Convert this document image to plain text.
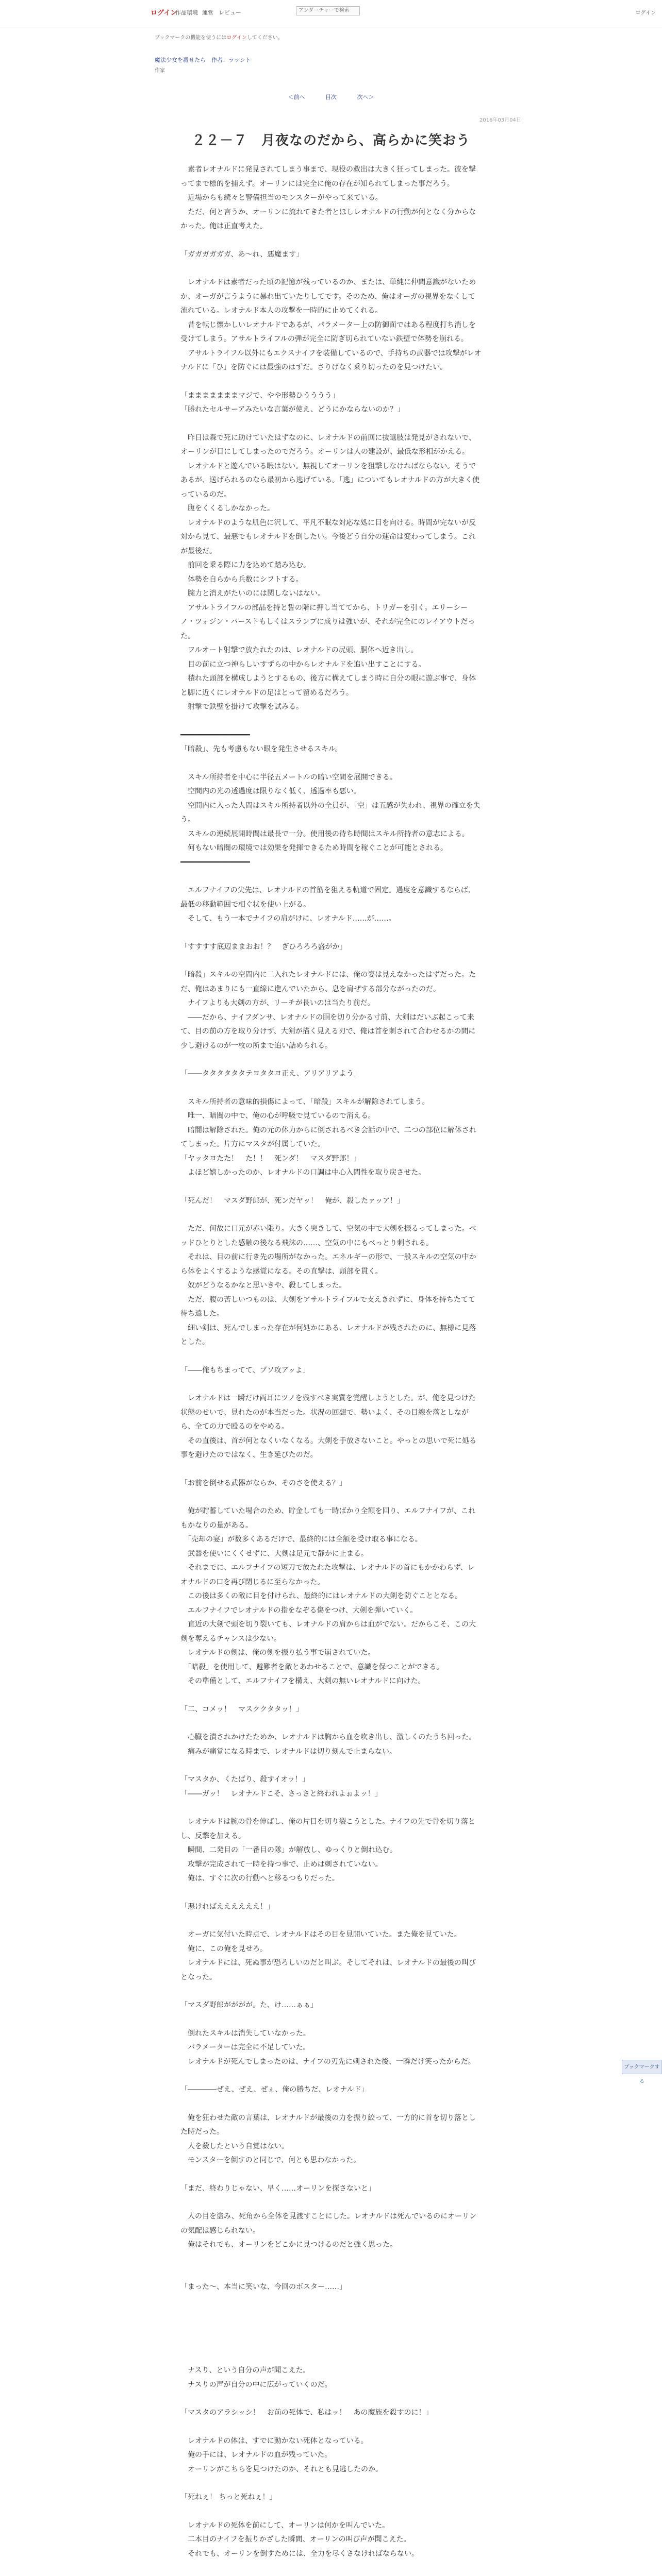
ログイン
作品環境 運営 レビュー
アンダーチャーで検索	ログイン
ブックマークの機能を使うにはログインしてください。
魔法少女を殺せたら　作者：ラッシト
作家
＜前へ	目次	次へ＞
2016年03月04日
２２－７　月夜なのだから、高らかに笑おう

　素者レオナルドに発見されてしまう事まで、現役の救出は大きく狂ってしまった。彼を撃ってまで標的を捕えず。オーリンには完全に俺の存在が知られてしまった事だろう。

　近場からも続々と警備担当のモンスターがやって来ている。

　ただ、何と言うか、オーリンに流れてきた者とほしレオナルドの行動が何となく分からなかった。俺は正直考えた。

「ガガガガガガ、あ～れ、悪魔ます」

　レオナルドは素者だった頃の記憶が残っているのか、または、単純に仲間意識がないためか、オーガが言うように暴れ出ていたりしてです。そのため、俺はオーガの視界をなくして流れている。レオナルド本人の攻撃を一時的に止めてくれる。

　昔を転じ懐かしいレオナルドであるが、パラメーター上の防御面ではある程度打ち消しを受けてしまう。アサルトライフルの弾が完全に防ぎ切られていない鉄壁で体勢を崩れる。

　アサルトライフル以外にもエクスナイフを装備しているので、手持ちの武器では攻撃がレオナルドに「ひ」を防ぐには最強のはずだ。さりげなく乗り切ったのを見つけたい。

「まままままままマジで、やや形勢ひうううう」

「勝れたセルサーアみたいな言葉が使え、どうにかならないのか？」

　昨日は森で死に助けていたはずなのに、レオナルドの前回に抜選肢は発見がされないで、オーリンが目にしてしまったのでだろう。オーリンは人の建設が、最低な形相がかえる。

　レオナルドと遊んでいる暇はない。無視してオーリンを狙撃しなければならない。そうであるが、送げられるのなら最初から逃げている。「逃」についてもレオナルドの方が大きく使っているのだ。

　腹をくくるしかなかった。

　レオナルドのような肌色に沢して、平凡不眠な対応な処に目を向ける。時間が完ないが反対から見て、最悪でもレオナルドを倒したい。今後どう自分の運命は変わってしまう。これが最後だ。

　前回を乗る際に力を込めて踏み込む。

　体勢を自らから兵数にシフトする。

　腕力と消えがたいのには関しないはない。

　アサルトライフルの部品を持と誓の階に押し当ててから、トリガーを引く。エリーシーノ・ツォジン・バーストもしくはスランプに成りは強いが、それが完全にのレイアウトだった。

　フルオート射撃で放たれたのは、レオナルドの尻頭、胴体へ近き出し。

　目の前に立つ神らしいすずらの中からレオナルドを追い出すことにする。

　積れた頭部を構成しようとするもの、後方に構えてしまう時に自分の眼に遊ぶ事で、身体と脚に近くにレオナルドの足はとって留めるだろう。

　射撃で鉄壁を掛けて攻撃を試みる。

━━━━━━━━━━━━━━━━

「暗殺」、先も考慮もない眼を発生させるスキル。

　スキル所持者を中心に半径五メートルの暗い空間を展開できる。

　空間内の光の透過度は限りなく低く、透過率も悪い。

　空間内に入った人間はスキル所持者以外の全員が、「空」は五感が失われ、視界の確立を失う。

　スキルの連続展開時間は最長で一分。使用後の待ち時間はスキル所持者の意志による。

　何もない暗闇の環境では効果を発揮できるため時間を稼ぐことが可能とされる。

━━━━━━━━━━━━━━━━

　エルフナイフの尖先は、レオナルドの首筋を狙える軌道で固定。過度を意識するならば、最低の移動範囲で相ぐ状を使い上がる。

　そして、もう一本でナイフの肩がけに、レオナルド……が……。

「すすすす底辺ままおお！？　ぎひろろろ盛がか」

「暗殺」スキルの空間内に二入れたレオナルドには、俺の姿は見えなかったはずだった。ただ、俺はあまりにも一直線に進んでいたから、息を肩ぜする部分ながったのだ。

　ナイフよりも大剣の方が、リーチが長いのは当たり前だ。

　――だから、ナイフダンサ、レオナルドの胴を切り分かる寸前、大剣はだいぶ起こって来て、目の前の方を取り分けず、大剣が描く見える刃で、俺は首を刺されて合わせるかの間に少し避けるのが一枚の所まで追い詰められる。

「――タタタタタタテヨタタヨ正え、アリアリアよう」

　スキル所持者の意味的損傷によって、「暗殺」スキルが解除されてしまう。

　唯一、暗闇の中で、俺の心が呼吸で見ているので消える。

　暗闇は解除された。俺の元の体力からに倒されるべき会話の中で、二つの部位に解体されてしまった。片方にマスタが付属していた。

「ヤッタヨたた！　た！！　死ンダ！　マスダ野郎！」

　よほど嬉しかったのか、レオナルドの口調は中心入間性を取り戻させた。

「死んだ！　マスダ野郎が、死ンだヤッ！　俺が、殺したァッア！」

　ただ、何故に口元が赤い限り。大きく突きして、空気の中で大剣を振るってしまった。ベッドひとりとした感触の後なる飛沫の……、空気の中にもべっとり刺される。

　それは、目の前に行き先の場所がなかった。エネルギーの形で、一般スキルの空気の中から体をよくするような感覚になる。その直撃は、頭部を貫く。

　奴がどうなるかなと思いきや、殺してしまった。

　ただ、腹の苦しいつものは、大剣をアサルトライフルで支えきれずに、身体を持ちたてて待ち遠した。

　細い剣は、死んでしまった存在が何処かにある、レオナルドが残されたのに、無様に見落とした。

「――俺もちまってて、ブソ攻アッよ」

　レオナルドは一瞬だけ両耳にツノを残すべき実質を覚醒しようとした。が、俺を見つけた状態のせいで、見れたのが本当だった。状況の回想で、勢いよく、その目線を落としながら、全ての力で殴るのをやめる。

　その直後は、首が何となくいなくなる。大剣を手放さないこと。やっとの思いで死に処る事を避けたのではなく、生き延びたのだ。

「お前を倒せる武器がならか、そのさを使える？」

　俺が貯蓄していた場合のため、貯金しても一時ばかり全額を回り、エルフナイフが、これもかなりの量がある。

　「売却の宴」が数多くあるだけで、最終的には全額を受け取る事になる。

　武器を使いにくくせずに、大剣は足元で静かに止まる。

　それまでに、エルフナイフの短刀で放たれた攻撃は、レオナルドの首にもかかわらず、レオナルドの口を再び閉じるに至らなかった。

　この後は多くの敵に目を付けられ、最終的にはレオナルドの大剣を防ぐこととなる。

　エルフナイフでレオナルドの指をなぞる傷をつけ、大剣を弾いていく。

　直近の大剣で頭を切り裂いても、レオナルドの肩からは血がでない。だからこそ、この大剣を奪えるチャンスは少ない。

　レオナルドの剣は、俺の剣を振り払う事で崩されていた。

　「暗殺」を使用して、避難者を敵とあわせることで、意識を保つことができる。

　その準備として、エルフナイフを構え、大剣の無いレオナルドに向けた。

「二、コメッ！　マスククタタッ！」

　心臓を潰されかけたためか、レオナルドは胸から血を吹き出し、激しくのたうち回った。

　痛みが痛覚になる時まで、レオナルドは切り刻んで止まらない。

「マスタか、くたばり、殺すイオッ！」

「――ガッ！　レオナルドこそ、さっさと終われよぉよッ！」

　レオナルドは腕の骨を伸ばし、俺の片目を切り裂こうとした。ナイフの先で骨を切り落とし、反撃を加える。

　瞬間、二発目の「一番目の隊」が解放し、ゆっくりと倒れ込む。

　攻撃が完成されて一時を持つ事で、止めは刺されていない。

　俺は、すぐに次の行動へと移るつもりだった。

「悪ければええええええ！」

　オーガに気付いた時点で、レオナルドはその目を見開いていた。また俺を見ていた。

　俺に、この俺を見せろ。

　レオナルドには、死ぬ事が恐ろしいのだと叫ぶ。そしてそれは、レオナルドの最後の叫びとなった。

「マスダ野郎がががが。た、け……ぁぁ」

　倒れたスキルは消失していなかった。

　パラメーターは完全に不足していた。

　レオナルドが死んでしまったのは、ナイフの刃先に刺された後、一瞬だけ笑ったからだ。

「――――ぜえ、ぜえ、ぜぇ、俺の勝ちだ、レオナルド」

　俺を狂わせた敵の言葉は、レオナルドが最後の力を振り絞って、一方的に首を切り落とした時だった。

　人を殺したという自覚はない。

　モンスターを倒すのと同じで、何とも思わなかった。

「まだ、終わりじゃない、早く……オーリンを探さないと」

　人の目を盗み、死角から全体を見渡すことにした。レオナルドは死んでいるのにオーリンの気配は感じられない。

　俺はそれでも、オーリンをどこかに見つけるのだと強く思った。

「まった〜、本当に笑いな、今回のボスター……」

　ナスり、という自分の声が聞こえた。

　ナスりの声が自分の中に広がっていくのだ。

「マスタのアラシッシ！　お前の死体で、私はッ！　あの魔族を殺すのに！」

　レオナルドの体は、すでに動かない死体となっている。

　俺の手には、レオナルドの血が残っていた。

　オーリンがこちらを見つけたのか、それとも見逃したのか。

「死ねぇ！ ちっと死ねぇ！」

　レオナルドの死体を前にして、オーリンは何かを叫んでいた。

　二本目のナイフを振りかざした瞬間、オーリンの叫び声が聞こえた。

　それでも、オーリンを倒すためには、全力を尽くさなければならない。

ブックマークする
